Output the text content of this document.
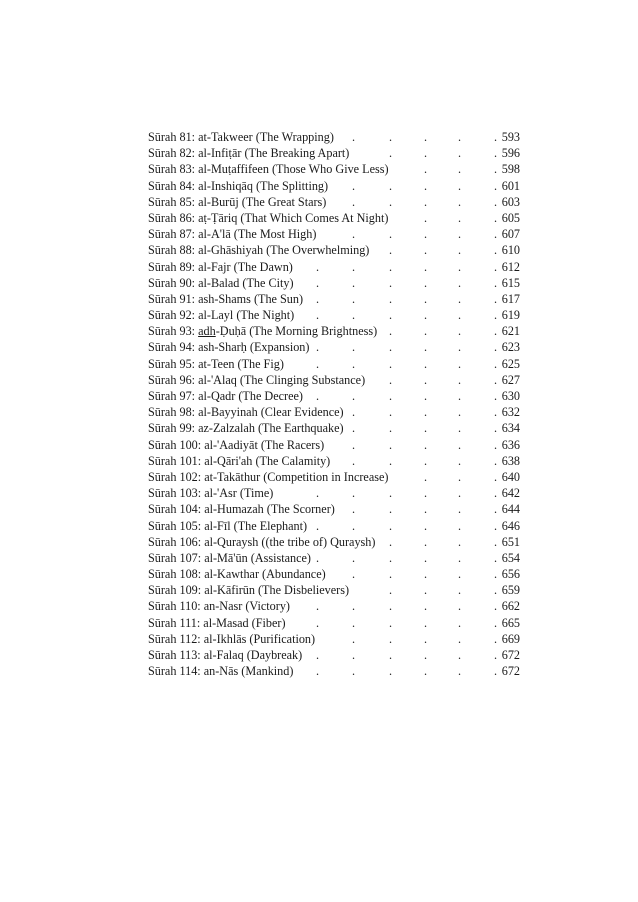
Sūrah 81: at-Takweer (The Wrapping) .	.	.	.	. 593
Sūrah 82: al-Infiṭār (The Breaking Apart)	.	.	.	. 596
Sūrah 83: al-Muṭaffifeen (Those Who Give Less)	.	.	. 598
Sūrah 84: al-Inshiqāq (The Splitting) .	.	.	.	. 601
Sūrah 85: al-Burūj (The Great Stars) .	.	.	.	. 603
Sūrah 86: aṭ-Ṭāriq (That Which Comes At Night)	.	.	. 605
Sūrah 87: al-A'lā (The Most High)	.	.	.	.	. 607
Sūrah 88: al-Ghāshiyah (The Overwhelming) .	.	.	. 610
Sūrah 89: al-Fajr (The Dawn) .	.	.	.	.	. 612
Sūrah 90: al-Balad (The City) .	.	.	.	.	. 615
Sūrah 91: ash-Shams (The Sun) .	.	.	.	.	. 617
Sūrah 92: al-Layl (The Night) .	.	.	.	.	. 619
Sūrah 93: adh-Ḍuḥā (The Morning Brightness) .	.	.	. 621
Sūrah 94: ash-Sharḥ (Expansion) .	.	.	.	.	. 623
Sūrah 95: at-Teen (The Fig)	.	.	.	.	.	. 625
Sūrah 96: al-'Alaq (The Clinging Substance) .	.	.	. 627
Sūrah 97: al-Qadr (The Decree) .	.	.	.	.	. 630
Sūrah 98: al-Bayyinah (Clear Evidence) .	.	.	.	. 632
Sūrah 99: az-Zalzalah (The Earthquake) .	.	.	.	. 634
Sūrah 100: al-'Aadiyāt (The Racers) .	.	.	.	. 636
Sūrah 101: al-Qāri'ah (The Calamity) .	.	.	.	. 638
Sūrah 102: at-Takāthur (Competition in Increase)	.	.	. 640
Sūrah 103: al-'Asr (Time)	.	.	.	.	.	. 642
Sūrah 104: al-Humazah (The Scorner) .	.	.	.	. 644
Sūrah 105: al-Fīl (The Elephant) .	.	.	.	.	. 646
Sūrah 106: al-Quraysh ((the tribe of) Quraysh) .	.	.	. 651
Sūrah 107: al-Mā'ūn (Assistance) .	.	.	.	.	. 654
Sūrah 108: al-Kawthar (Abundance) .	.	.	.	. 656
Sūrah 109: al-Kāfirūn (The Disbelievers)	.	.	.	. 659
Sūrah 110: an-Nasr (Victory) .	.	.	.	.	. 662
Sūrah 111: al-Masad (Fiber) .	.	.	.	.	. 665
Sūrah 112: al-Ikhlās (Purification)	.	.	.	.	. 669
Sūrah 113: al-Falaq (Daybreak) .	.	.	.	.	. 672
Sūrah 114: an-Nās (Mankind) .	.	.	.	.	. 672
